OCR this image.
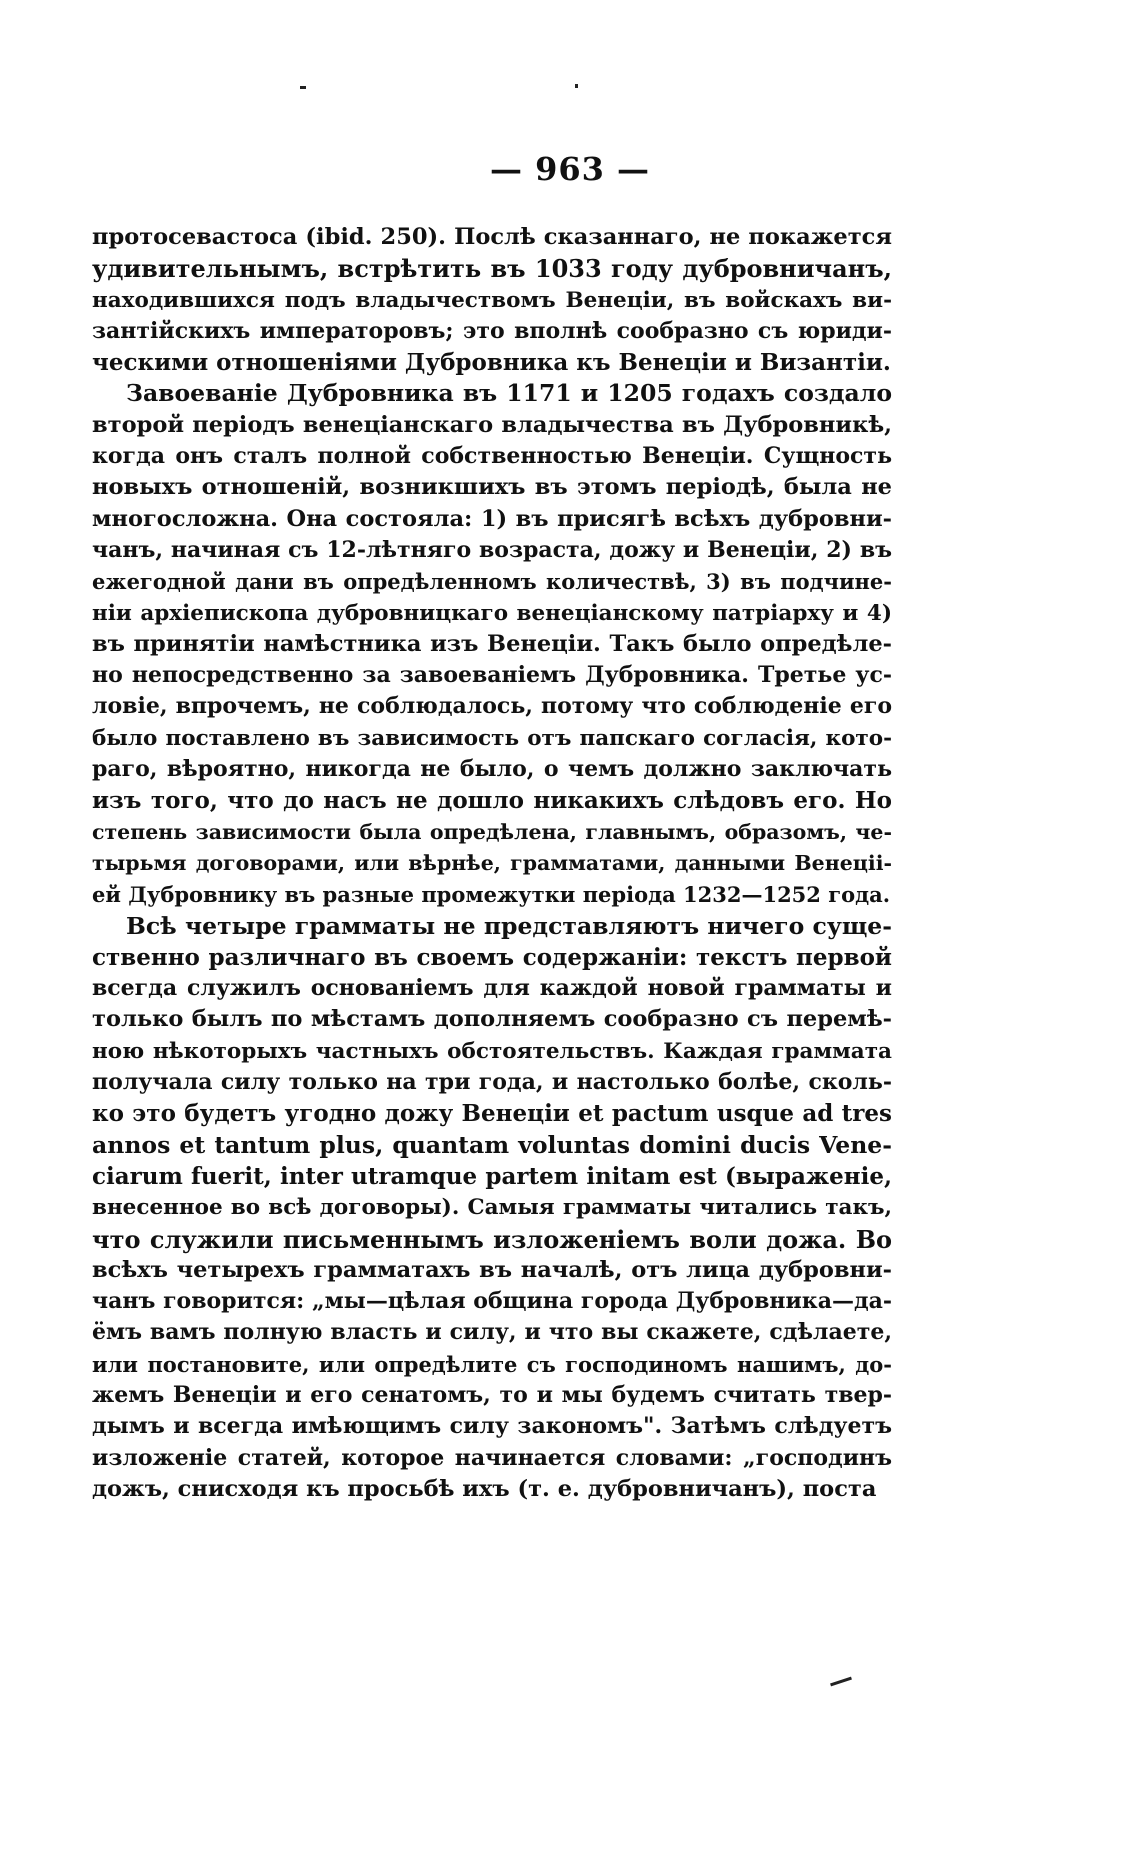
— 963 —
протосевастоса (ibid. 250). Послѣ сказаннаго, не покажется
удивительнымъ, встрѣтить въ 1033 году дубровничанъ,
находившихся подъ владычествомъ Венеціи, въ войскахъ ви-
зантійскихъ императоровъ; это вполнѣ сообразно съ юриди-
ческими отношеніями Дубровника къ Венеціи и Византіи.
Завоеваніе Дубровника въ 1171 и 1205 годахъ создало
второй періодъ венеціанскаго владычества въ Дубровникѣ,
когда онъ сталъ полной собственностью Венеціи. Сущность
новыхъ отношеній, возникшихъ въ этомъ періодѣ, была не
многосложна. Она состояла: 1) въ присягѣ всѣхъ дубровни-
чанъ, начиная съ 12-лѣтняго возраста, дожу и Венеціи, 2) въ
ежегодной дани въ опредѣленномъ количествѣ, 3) въ подчине-
ніи архіепископа дубровницкаго венеціанскому патріарху и 4)
въ принятіи намѣстника изъ Венеціи. Такъ было опредѣле-
но непосредственно за завоеваніемъ Дубровника. Третье ус-
ловіе, впрочемъ, не соблюдалось, потому что соблюденіе его
было поставлено въ зависимость отъ папскаго согласія, кото-
раго, вѣроятно, никогда не было, о чемъ должно заключать
изъ того, что до насъ не дошло никакихъ слѣдовъ его. Но
степень зависимости была опредѣлена, главнымъ, образомъ, че-
тырьмя договорами, или вѣрнѣе, грамматами, данными Венеціі-
ей Дубровнику въ разные промежутки періода 1232—1252 года.
Всѣ четыре грамматы не представляютъ ничего суще-
ственно различнаго въ своемъ содержаніи: текстъ первой
всегда служилъ основаніемъ для каждой новой грамматы и
только былъ по мѣстамъ дополняемъ сообразно съ перемѣ-
ною нѣкоторыхъ частныхъ обстоятельствъ. Каждая грамматa
получала силу только на три года, и настолько болѣе, сколь-
ко это будетъ угодно дожу Венеціи et pactum usque ad tres
annos et tantum plus, quantam voluntas domini ducis Vene-
ciarum fuerit, inter utramque partem initam est (выраженіе,
внесенное во всѣ договоры). Самыя грамматы читались такъ,
что служили письменнымъ изложеніемъ воли дожа. Во
всѣхъ четырехъ грамматахъ въ началѣ, отъ лица дубровни-
чанъ говорится: „мы—цѣлая община города Дубровника—да-
ёмъ вамъ полную власть и силу, и что вы скажете, сдѣлаете,
или постановите, или опредѣлите съ господиномъ нашимъ, до-
жемъ Венеціи и его сенатомъ, то и мы будемъ считать твер-
дымъ и всегда имѣющимъ силу закономъ". Затѣмъ слѣдуетъ
изложеніе статей, которое начинается словами: „господинъ
дожъ, снисходя къ просьбѣ ихъ (т. е. дубровничанъ), поста
